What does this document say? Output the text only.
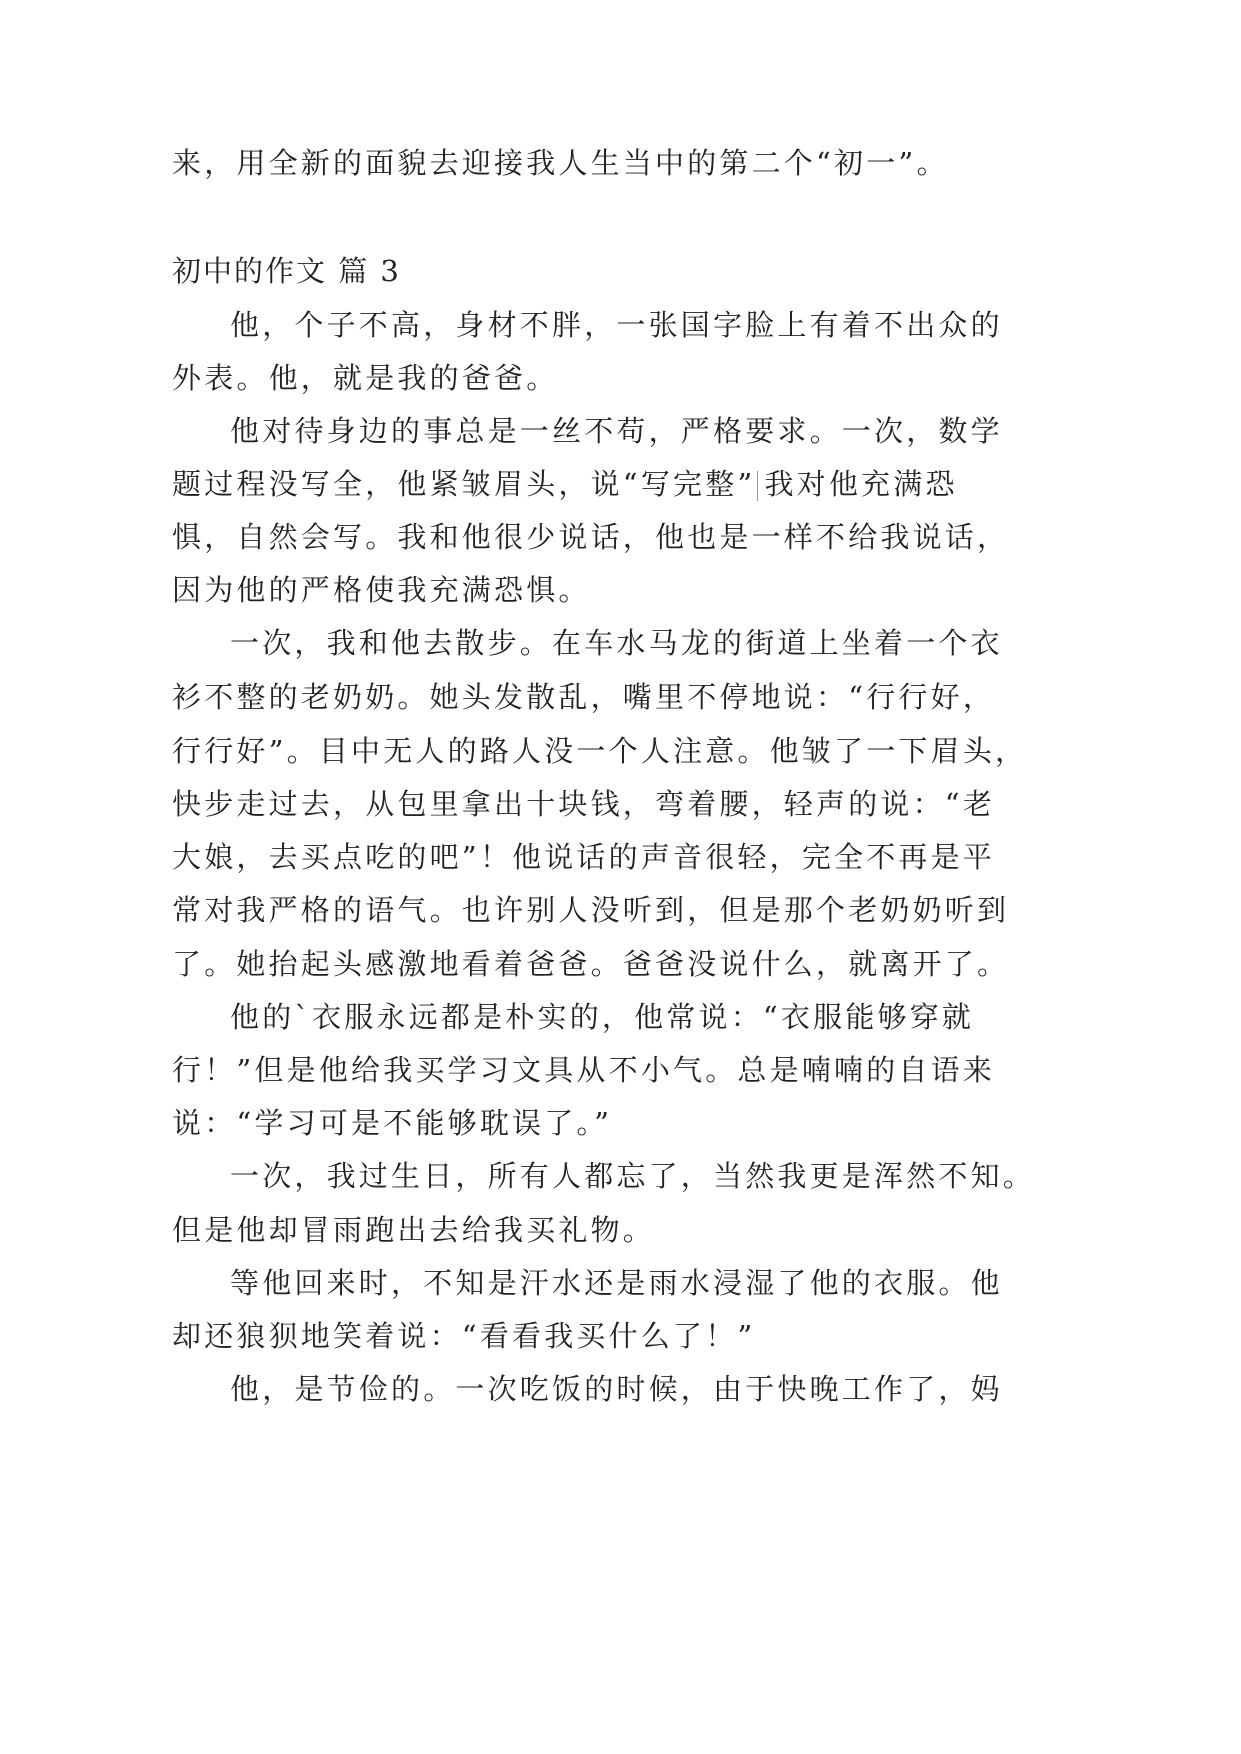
来，用全新的面貌去迎接我人生当中的第二个“初一”。
初中的作文 篇 3
他，个子不高，身材不胖，一张国字脸上有着不出众的
外表。他，就是我的爸爸。
他对待身边的事总是一丝不苟，严格要求。一次，数学
题过程没写全，他紧皱眉头，说“写完整” 我对他充满恐
惧，自然会写。我和他很少说话，他也是一样不给我说话，
因为他的严格使我充满恐惧。
一次，我和他去散步。在车水马龙的街道上坐着一个衣
衫不整的老奶奶。她头发散乱，嘴里不停地说：“行行好，
行行好”。目中无人的路人没一个人注意。他皱了一下眉头，
快步走过去，从包里拿出十块钱，弯着腰，轻声的说：“老
大娘，去买点吃的吧”！他说话的声音很轻，完全不再是平
常对我严格的语气。也许别人没听到，但是那个老奶奶听到
了。她抬起头感激地看着爸爸。爸爸没说什么，就离开了。
他的`衣服永远都是朴实的，他常说：“衣服能够穿就
行！”但是他给我买学习文具从不小气。总是喃喃的自语来
说：“学习可是不能够耽误了。”
一次，我过生日，所有人都忘了，当然我更是浑然不知。
但是他却冒雨跑出去给我买礼物。
等他回来时，不知是汗水还是雨水浸湿了他的衣服。他
却还狼狈地笑着说：“看看我买什么了！”
他，是节俭的。一次吃饭的时候，由于快晚工作了，妈
